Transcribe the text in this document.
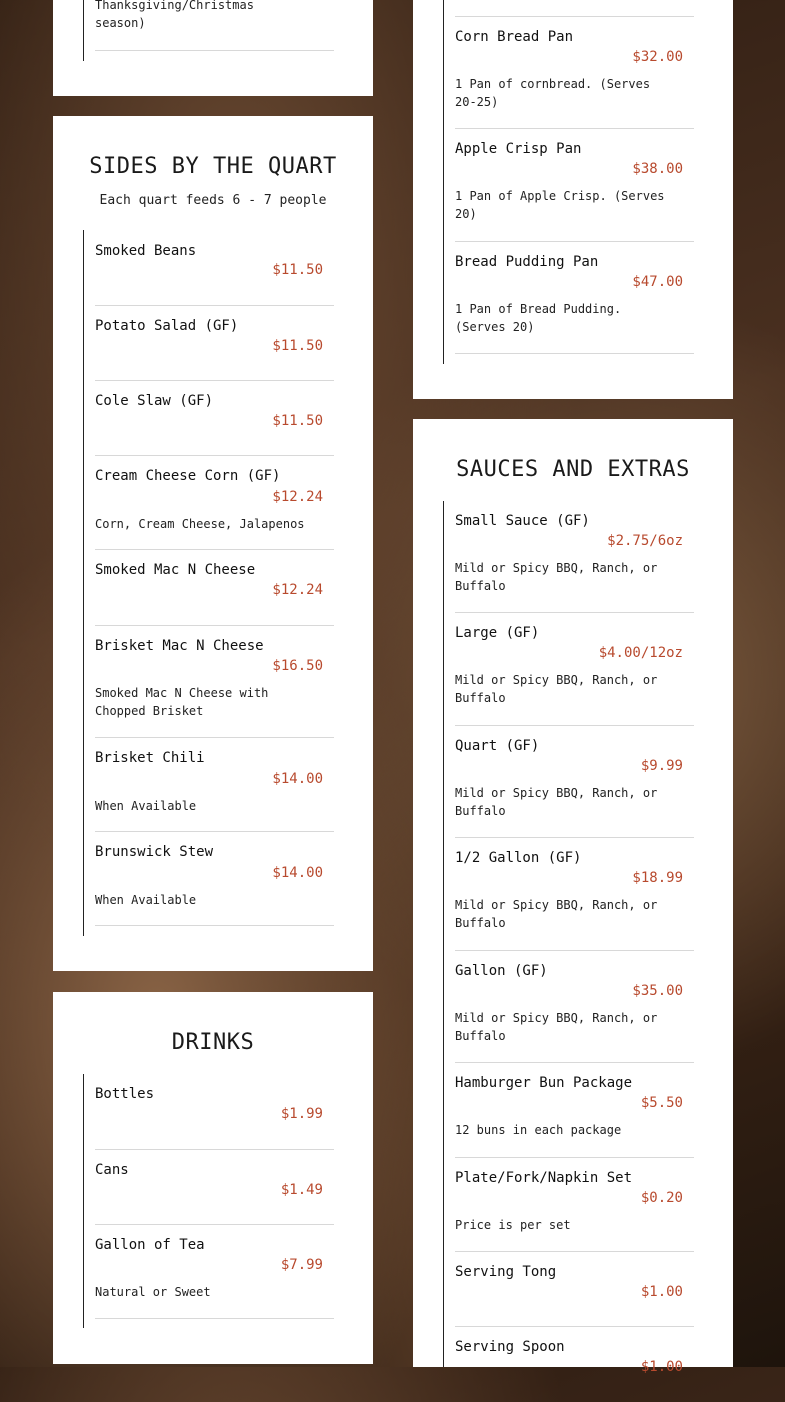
Thanksgiving/Christmas season)
Corn Bread Pan
$32.00
1 Pan of cornbread. (Serves 20-25)
Apple Crisp Pan
$38.00
1 Pan of Apple Crisp. (Serves 20)
Bread Pudding Pan
$47.00
1 Pan of Bread Pudding. (Serves 20)
SIDES BY THE QUART
Each quart feeds 6 - 7 people
Smoked Beans
$11.50
Potato Salad (GF)
$11.50
Cole Slaw (GF)
$11.50
Cream Cheese Corn (GF)
$12.24
Corn, Cream Cheese, Jalapenos
Smoked Mac N Cheese
$12.24
Brisket Mac N Cheese
$16.50
Smoked Mac N Cheese with Chopped Brisket
Brisket Chili
$14.00
When Available
Brunswick Stew
$14.00
When Available
DRINKS
Bottles
$1.99
Cans
$1.49
Gallon of Tea
$7.99
Natural or Sweet
SAUCES AND EXTRAS
Small Sauce (GF)
$2.75/6oz
Mild or Spicy BBQ, Ranch, or Buffalo
Large (GF)
$4.00/12oz
Mild or Spicy BBQ, Ranch, or Buffalo
Quart (GF)
$9.99
Mild or Spicy BBQ, Ranch, or Buffalo
1/2 Gallon (GF)
$18.99
Mild or Spicy BBQ, Ranch, or Buffalo
Gallon (GF)
$35.00
Mild or Spicy BBQ, Ranch, or Buffalo
Hamburger Bun Package
$5.50
12 buns in each package
Plate/Fork/Napkin Set
$0.20
Price is per set
Serving Tong
$1.00
Serving Spoon
$1.00
